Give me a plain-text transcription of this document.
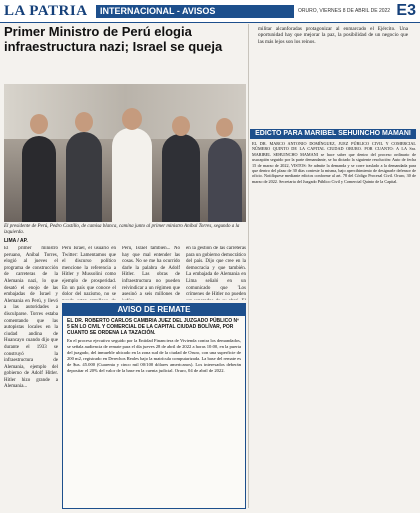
LA PATRIA	INTERNACIONAL - AVISOS	ORURO, VIERNES 8 DE ABRIL DE 2022 E3
Primer Ministro de Perú elogia infraestructura nazi; Israel se queja
militar alcanforadas protagonizar al enmarcado el Ejército. Una oportunidad hay que mejorar la paz, la posibilidad de un negocio que las más lejos son los reinos.
El presidente de Perú, Pedro Castillo, de camisa blanca, camina junto al primer ministro Aníbal Torres, segundo a la izquierda.
LIMA / AP.
El primer ministro peruano, Aníbal Torres, elogió al jueves el programa de construcción de carreteras de la Alemania nazi, lo que desató el enojo de las embajadas de Israel y Alemania en Perú, y llevó a las autoridades a disculparse. Torres estaba comentando que las autopistas locales en la ciudad andina de Huancayo cuando dijo que durante el 1933 se construyó la infraestructura de Alemania, ejemplo del gobierno de Adolf Hitler. Hitler hizo grande a Alemania...
Perú Israel, el usuario en Twitter: Lamentamos que el discurso político mencione la referencia a Hitler y Mussolini como ejemplo de prosperidad. En un país que conoce el dolor del nazismo, no se
Perú, Israel también... No hay que mal entender las cosas. No se me ha ocurrido darle la palabra de Adolf Hitler. Las obras de infraestructura no pueden reivindicar a un régimen que asesinó a seis millones de
en la gestión de las carreteras para un gobierno democrático del país. Dijo que cree en la democracia y que también. La embajada de Alemania en Lima señaló en un comunicado que 'Los crímenes de Hitler no pueden
AVISO DE REMATE
EL DR. ROBERTO CARLOS CAMBRIA JUEZ DEL JUZGADO PÚBLICO Nº 5 EN LO CIVIL Y COMERCIAL DE LA CAPITAL CIUDAD BOLÍVAR, POR CUANTO SE ORDENA LA TAZACIÓN.
En el proceso ejecutivo seguido por la Entidad Financiera de Vivienda contra los demandados, se señala audiencia de remate para el día jueves 28 de abril de 2022 a horas 10:00, en la puerta del juzgado, del inmueble ubicado en la zona sud de la ciudad de Oruro, con una superficie de 200 m2, registrado en Derechos Reales bajo la matrícula computarizada. La base del remate es de $us. 45.000 (Cuarenta y cinco mil 00/100 dólares americanos). Los interesados deberán depositar el 20% del valor de la base en la cuenta judicial. Oruro, 04 de abril de 2022.
EDICTO PARA MARIBEL SEHUINCHO MAMANI
EL DR. MARCO ANTONIO DOMÍNGUEZ, JUEZ PÚBLICO CIVIL Y COMERCIAL NÚMERO QUINTO DE LA CAPITAL CIUDAD ORURO. POR CUANTO: A LA Sra. MARIBEL SEHUINCHO MAMANI se hace saber que dentro del proceso ordinario de usucapión seguido por la parte demandante, se ha dictado la siguiente resolución: Auto de fecha 15 de marzo de 2022, VISTOS: Se admite la demanda y se corre traslado a la demandada para que dentro del plazo de 30 días conteste la misma, bajo apercibimiento de designarle defensor de oficio. Notifíquese mediante edictos conforme al art. 78 del Código Procesal Civil. Oruro, 30 de marzo de 2022. Secretaria del Juzgado Público Civil y Comercial Quinto de la Capital.
